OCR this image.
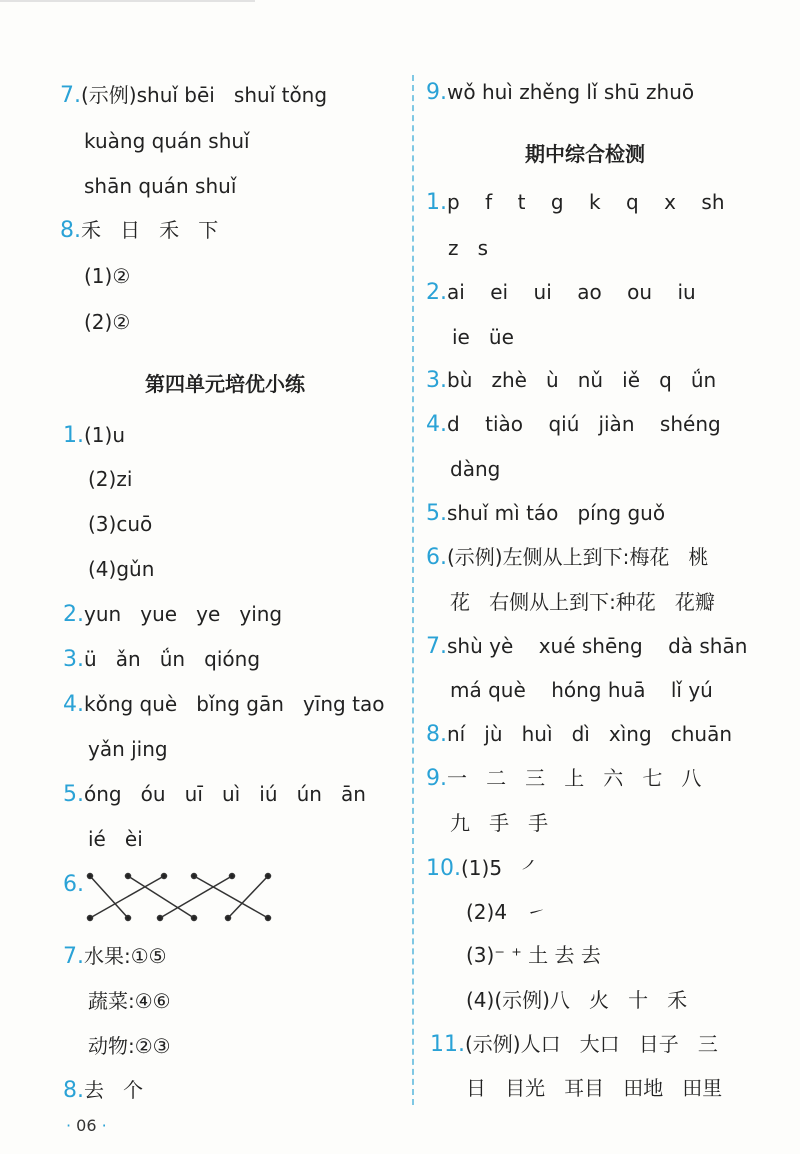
7.(示例)shuǐ bēi   shuǐ tǒng
kuàng quán shuǐ
shān quán shuǐ
8.禾   日   禾   下
(1)②
(2)②
第四单元培优小练
1.(1)u
(2)zi
(3)cuō
(4)gǔn
2.yun   yue   ye   ying
3.ü   ǎn   ǘn   qióng
4.kǒng què   bǐng gān   yīng tao
yǎn jing
5.óng   óu   uī   uì   iú   ún   ān
ié   èi
6.
7.水果:①⑤
蔬菜:④⑥
动物:②③
8.去   个
· 06 ·
9.wǒ huì zhěng lǐ shū zhuō
期中综合检测
1.p    f    t    g    k    q    x    sh
z   s
2.ai    ei    ui    ao    ou    iu
ie   üe
3.bù   zhè   ù   nǔ   iě   q   ǘn
4.d    tiào    qiú   jiàn    shéng
dàng
5.shuǐ mì táo   píng guǒ
6.(示例)左侧从上到下:梅花   桃
花   右侧从上到下:种花   花瓣
7.shù yè    xué shēng    dà shān
má què    hóng huā    lǐ yú
8.ní   jù   huì   dì   xìng   chuān
9.一   二   三   上   六   七   八
九   手   手
10.(1)5   ㇒
(2)4   ㇀
(3)⁻ ⁺ 土 去 去
(4)(示例)八   火   十   禾
11.(示例)人口   大口   日子   三
日   目光   耳目   田地   田里
